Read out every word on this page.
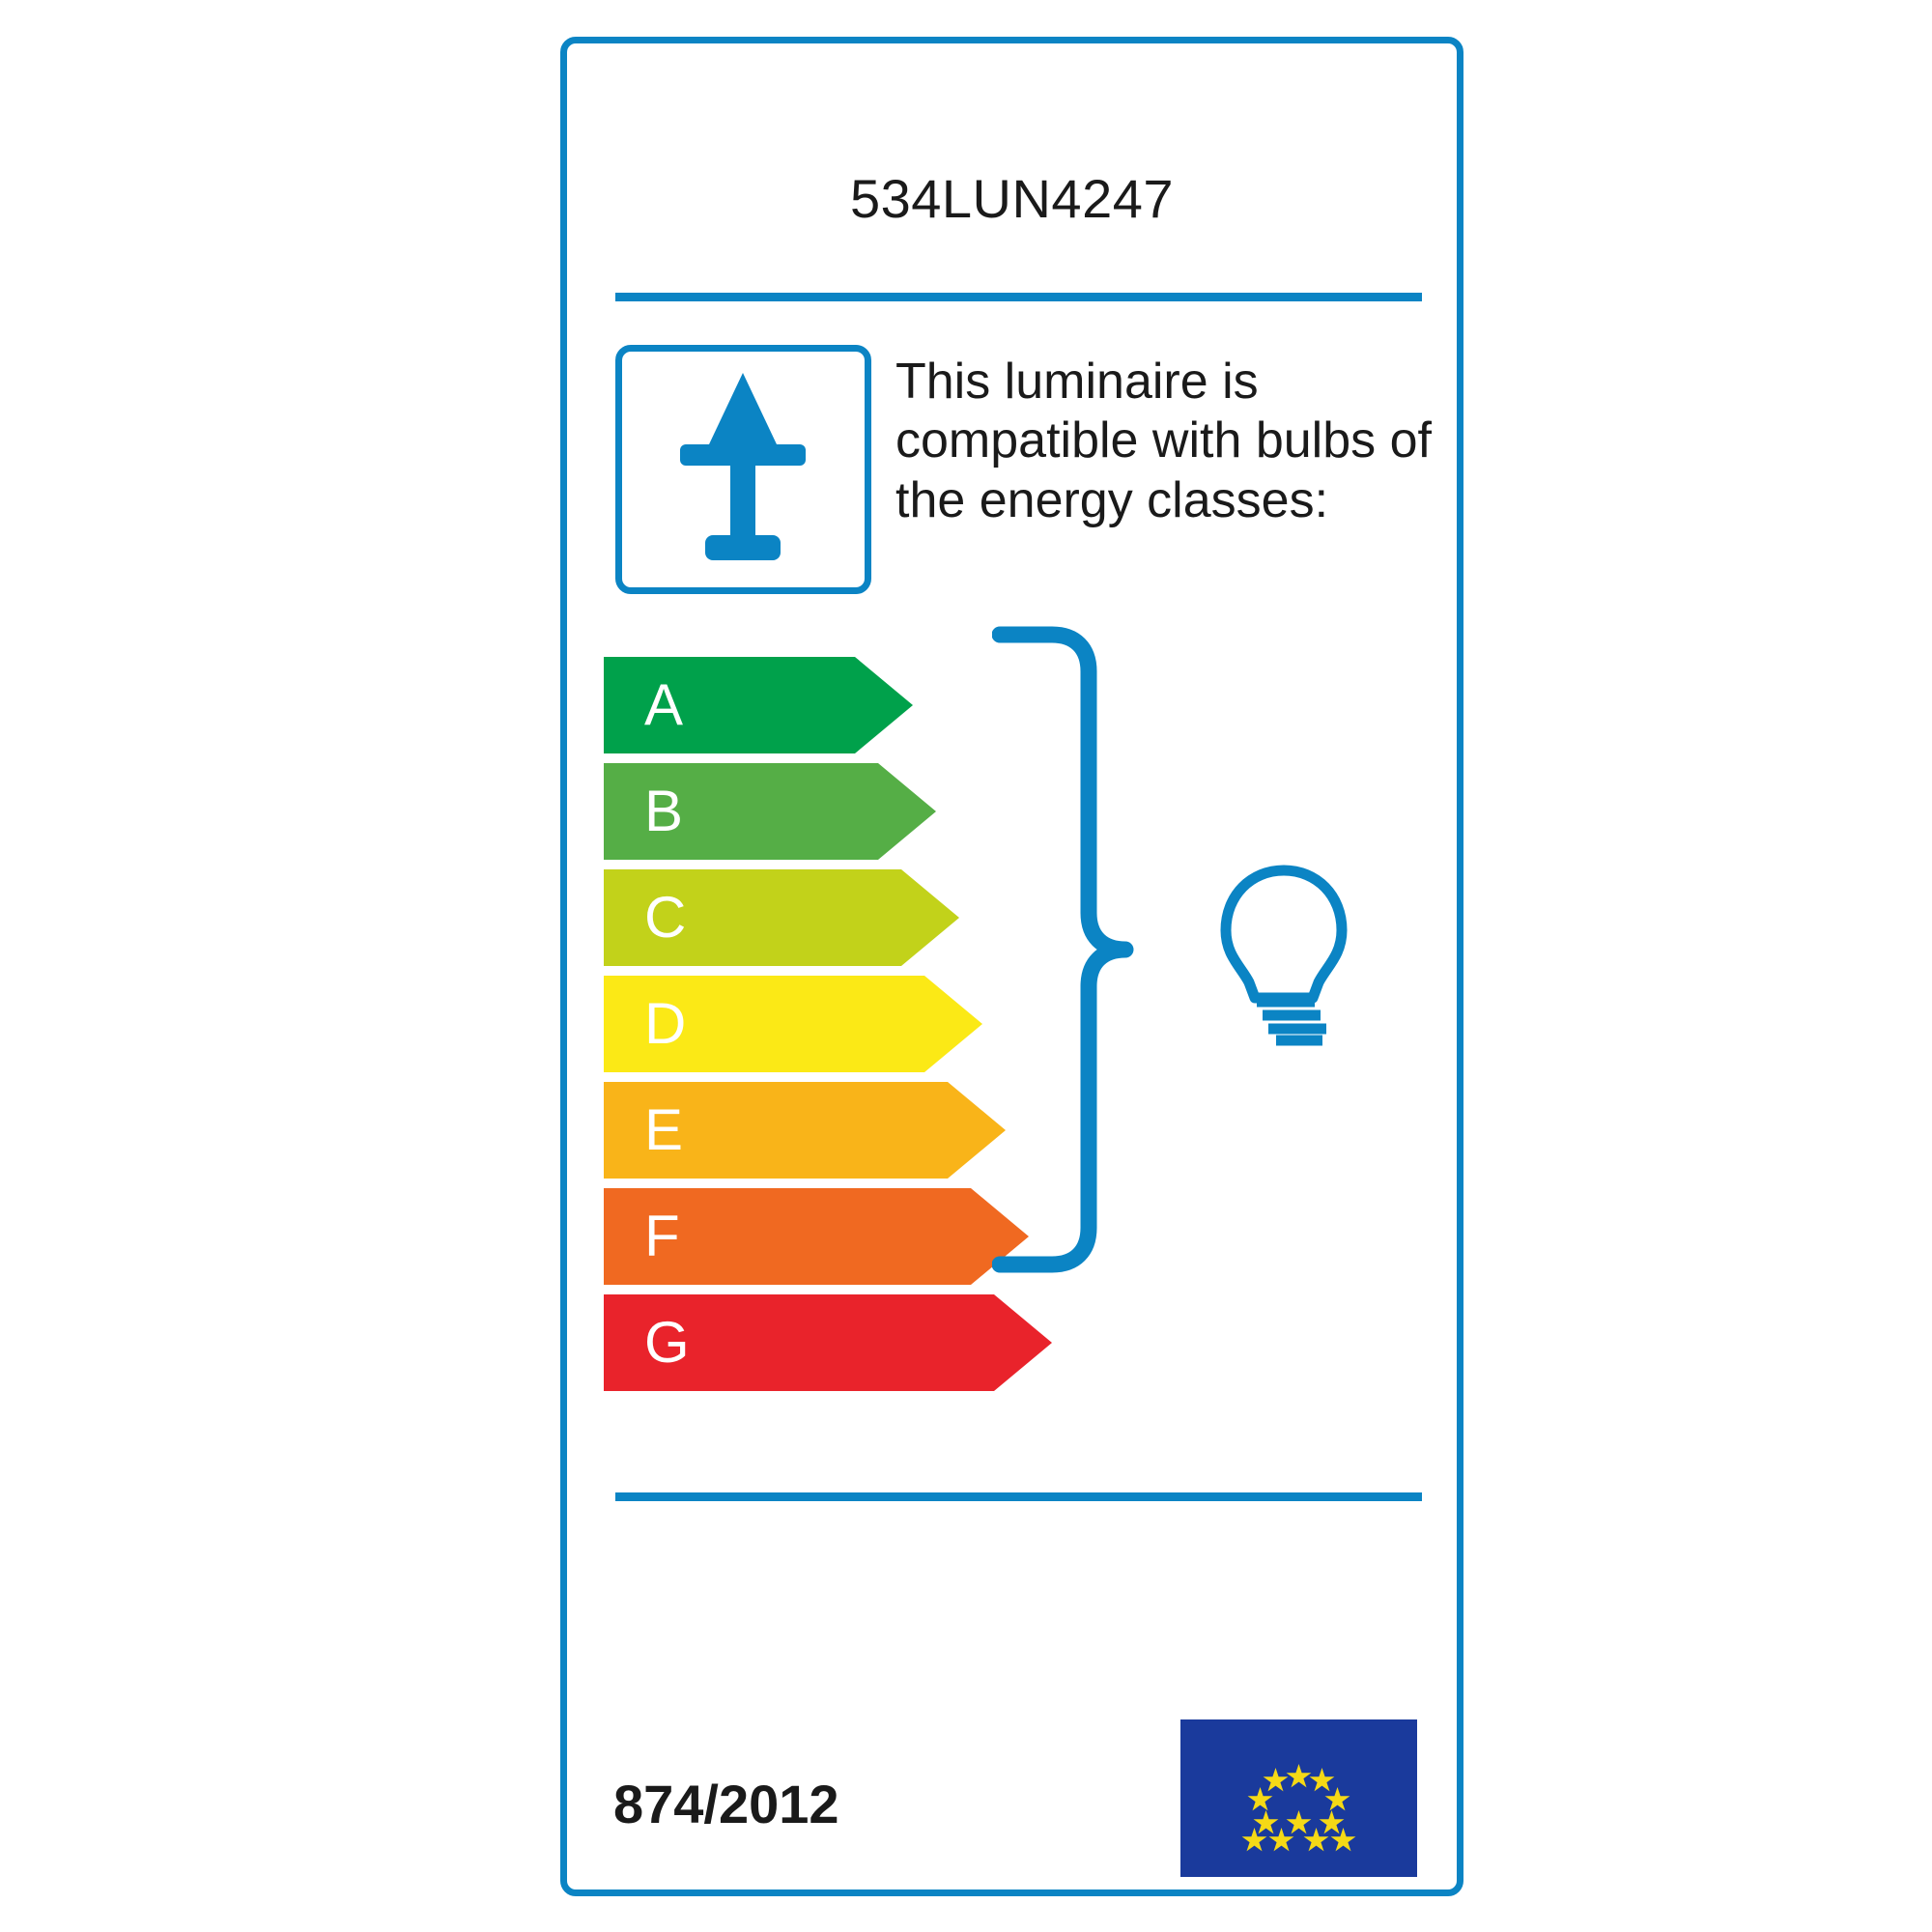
534LUN4247
This luminaire is compatible with bulbs of the energy classes:
A
B
C
D
E
F
G
874/2012
